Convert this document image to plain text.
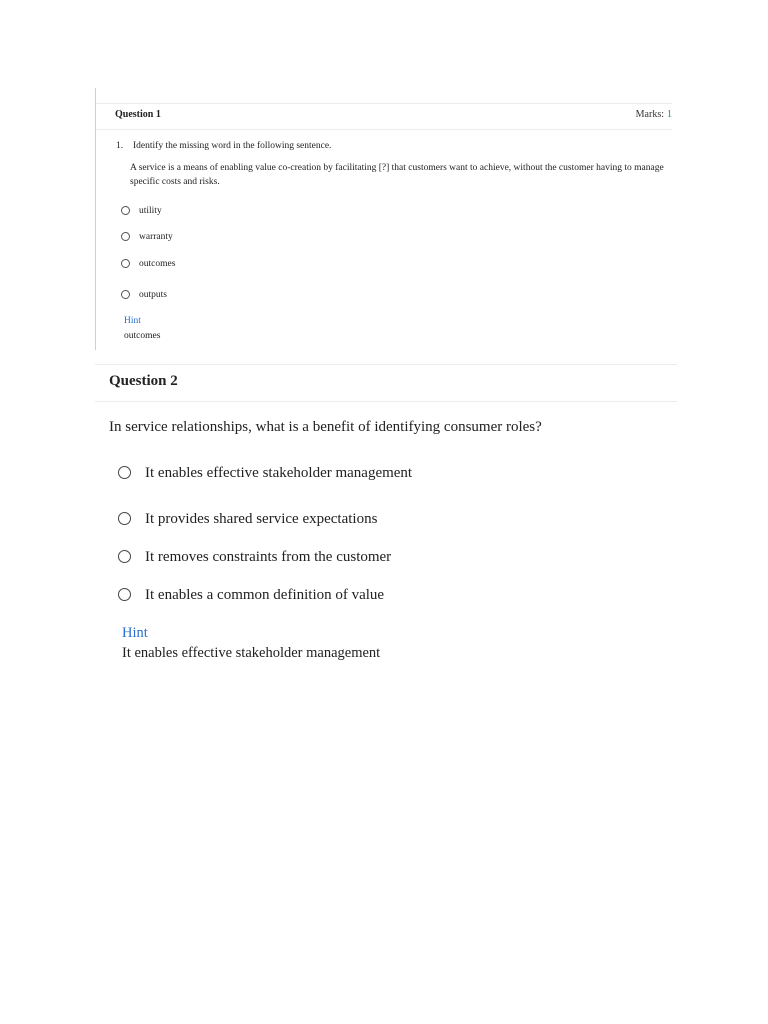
Question 1	Marks: 1
1. Identify the missing word in the following sentence.
A service is a means of enabling value co-creation by facilitating [?] that customers want to achieve, without the customer having to manage specific costs and risks.
utility
warranty
outcomes
outputs
Hint
outcomes
Question 2
In service relationships, what is a benefit of identifying consumer roles?
It enables effective stakeholder management
It provides shared service expectations
It removes constraints from the customer
It enables a common definition of value
Hint
It enables effective stakeholder management
